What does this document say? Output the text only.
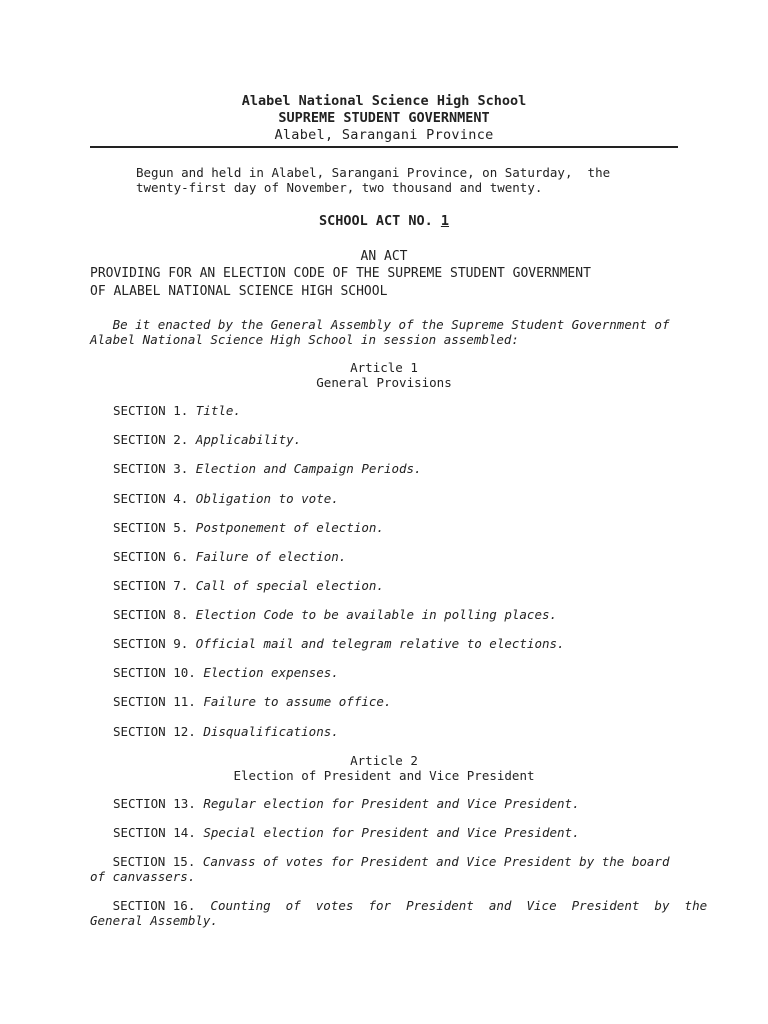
Alabel National Science High School
SUPREME STUDENT GOVERNMENT
Alabel, Sarangani Province
Begun and held in Alabel, Sarangani Province, on Saturday,  the
twenty-first day of November, two thousand and twenty.
SCHOOL ACT NO. 1
AN ACT
PROVIDING FOR AN ELECTION CODE OF THE SUPREME STUDENT GOVERNMENT
OF ALABEL NATIONAL SCIENCE HIGH SCHOOL
Be it enacted by the General Assembly of the Supreme Student Government of
Alabel National Science High School in session assembled:
Article 1
General Provisions
SECTION 1. Title.
SECTION 2. Applicability.
SECTION 3. Election and Campaign Periods.
SECTION 4. Obligation to vote.
SECTION 5. Postponement of election.
SECTION 6. Failure of election.
SECTION 7. Call of special election.
SECTION 8. Election Code to be available in polling places.
SECTION 9. Official mail and telegram relative to elections.
SECTION 10. Election expenses.
SECTION 11. Failure to assume office.
SECTION 12. Disqualifications.
Article 2
Election of President and Vice President
SECTION 13. Regular election for President and Vice President.
SECTION 14. Special election for President and Vice President.
SECTION 15. Canvass of votes for President and Vice President by the board
of canvassers.
SECTION 16.  Counting  of  votes  for  President  and  Vice  President  by  the
General Assembly.
